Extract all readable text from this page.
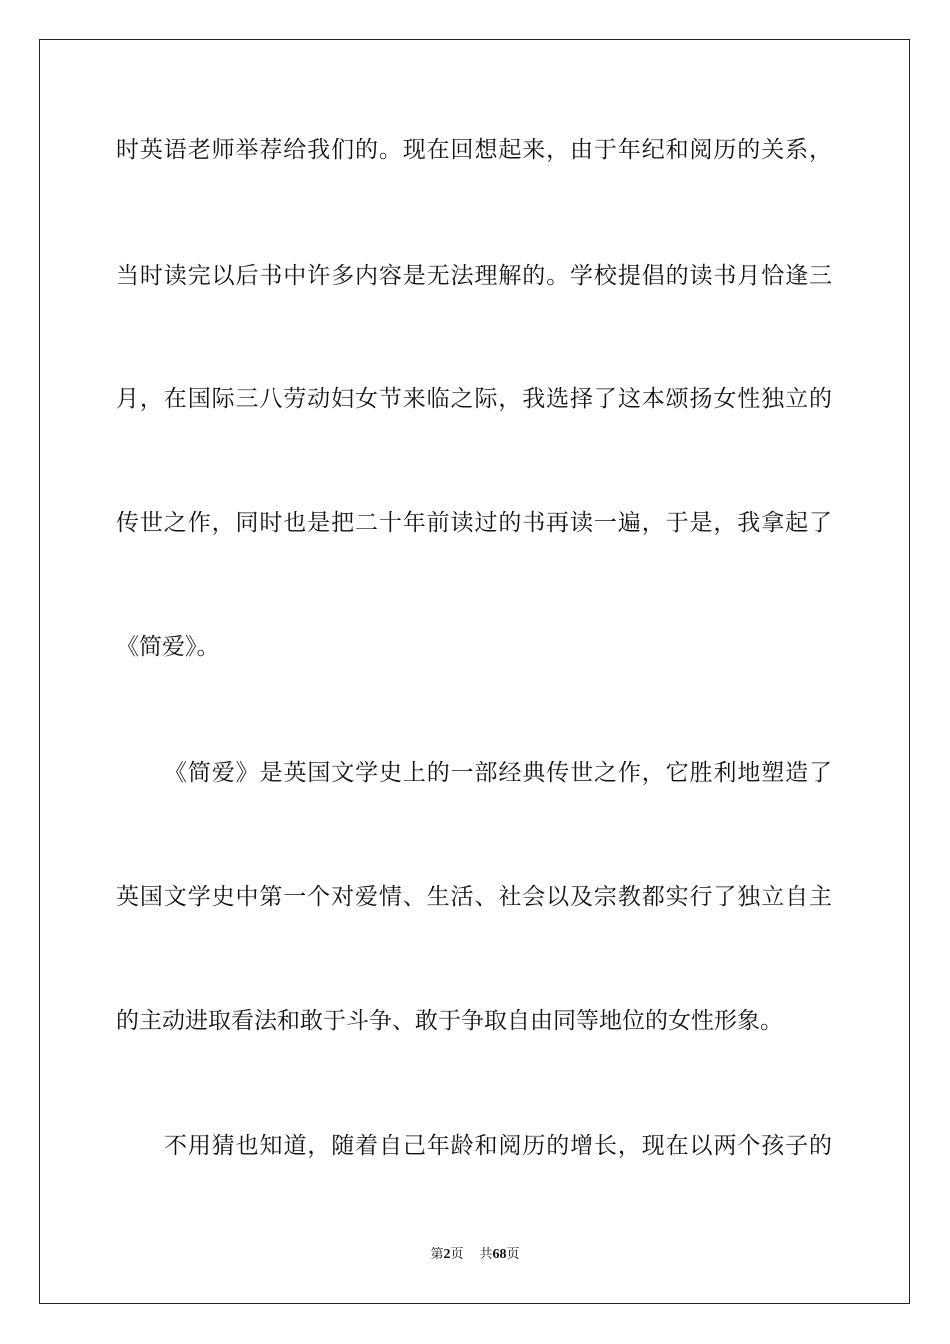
时英语老师举荐给我们的。现在回想起来，由于年纪和阅历的关系，

当时读完以后书中许多内容是无法理解的。学校提倡的读书月恰逢三

月，在国际三八劳动妇女节来临之际，我选择了这本颂扬女性独立的

传世之作，同时也是把二十年前读过的书再读一遍，于是，我拿起了

《简爱》。

《简爱》是英国文学史上的一部经典传世之作，它胜利地塑造了

英国文学史中第一个对爱情、生活、社会以及宗教都实行了独立自主

的主动进取看法和敢于斗争、敢于争取自由同等地位的女性形象。

不用猜也知道，随着自己年龄和阅历的增长，现在以两个孩子的

第2页 共68页
